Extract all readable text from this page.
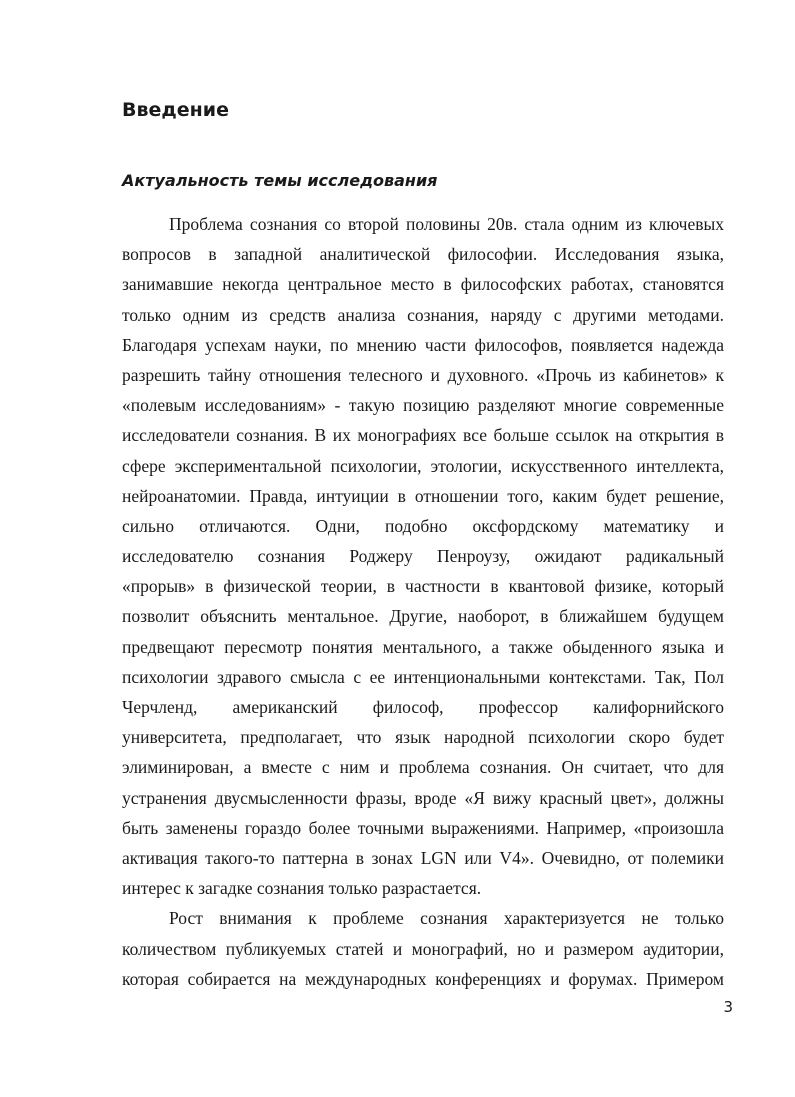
Введение
Актуальность темы исследования
Проблема сознания со второй половины 20в. стала одним из ключевых
вопросов в западной аналитической философии. Исследования языка,
занимавшие некогда центральное место в философских работах, становятся
только одним из средств анализа сознания, наряду с другими методами.
Благодаря успехам науки, по мнению части философов, появляется надежда
разрешить тайну отношения телесного и духовного. «Прочь из кабинетов» к
«полевым исследованиям» - такую позицию разделяют многие современные
исследователи сознания. В их монографиях все больше ссылок на открытия в
сфере экспериментальной психологии, этологии, искусственного интеллекта,
нейроанатомии. Правда, интуиции в отношении того, каким будет решение,
сильно отличаются. Одни, подобно оксфордскому математику и
исследователю сознания Роджеру Пенроузу, ожидают радикальный
«прорыв» в физической теории, в частности в квантовой физике, который
позволит объяснить ментальное. Другие, наоборот, в ближайшем будущем
предвещают пересмотр понятия ментального, а также обыденного языка и
психологии здравого смысла с ее интенциональными контекстами. Так, Пол
Черчленд, американский философ, профессор калифорнийского
университета, предполагает, что язык народной психологии скоро будет
элиминирован, а вместе с ним и проблема сознания. Он считает, что для
устранения двусмысленности фразы, вроде «Я вижу красный цвет», должны
быть заменены гораздо более точными выражениями. Например, «произошла
активация такого-то паттерна в зонах LGN или V4». Очевидно, от полемики
интерес к загадке сознания только разрастается.
Рост внимания к проблеме сознания характеризуется не только
количеством публикуемых статей и монографий, но и размером аудитории,
которая собирается на международных конференциях и форумах. Примером
3
